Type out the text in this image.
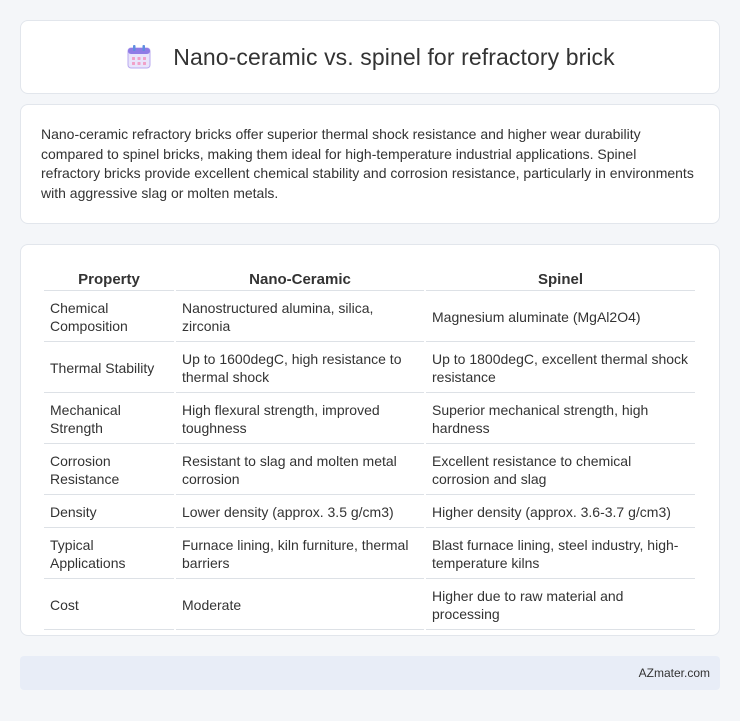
Nano-ceramic vs. spinel for refractory brick

Nano-ceramic refractory bricks offer superior thermal shock resistance and higher wear durability compared to spinel bricks, making them ideal for high-temperature industrial applications. Spinel refractory bricks provide excellent chemical stability and corrosion resistance, particularly in environments with aggressive slag or molten metals.

Property	Nano-Ceramic	Spinel
Chemical Composition	Nanostructured alumina, silica, zirconia	Magnesium aluminate (MgAl2O4)
Thermal Stability	Up to 1600degC, high resistance to thermal shock	Up to 1800degC, excellent thermal shock resistance
Mechanical Strength	High flexural strength, improved toughness	Superior mechanical strength, high hardness
Corrosion Resistance	Resistant to slag and molten metal corrosion	Excellent resistance to chemical corrosion and slag
Density	Lower density (approx. 3.5 g/cm3)	Higher density (approx. 3.6-3.7 g/cm3)
Typical Applications	Furnace lining, kiln furniture, thermal barriers	Blast furnace lining, steel industry, high-temperature kilns
Cost	Moderate	Higher due to raw material and processing
AZmater.com
